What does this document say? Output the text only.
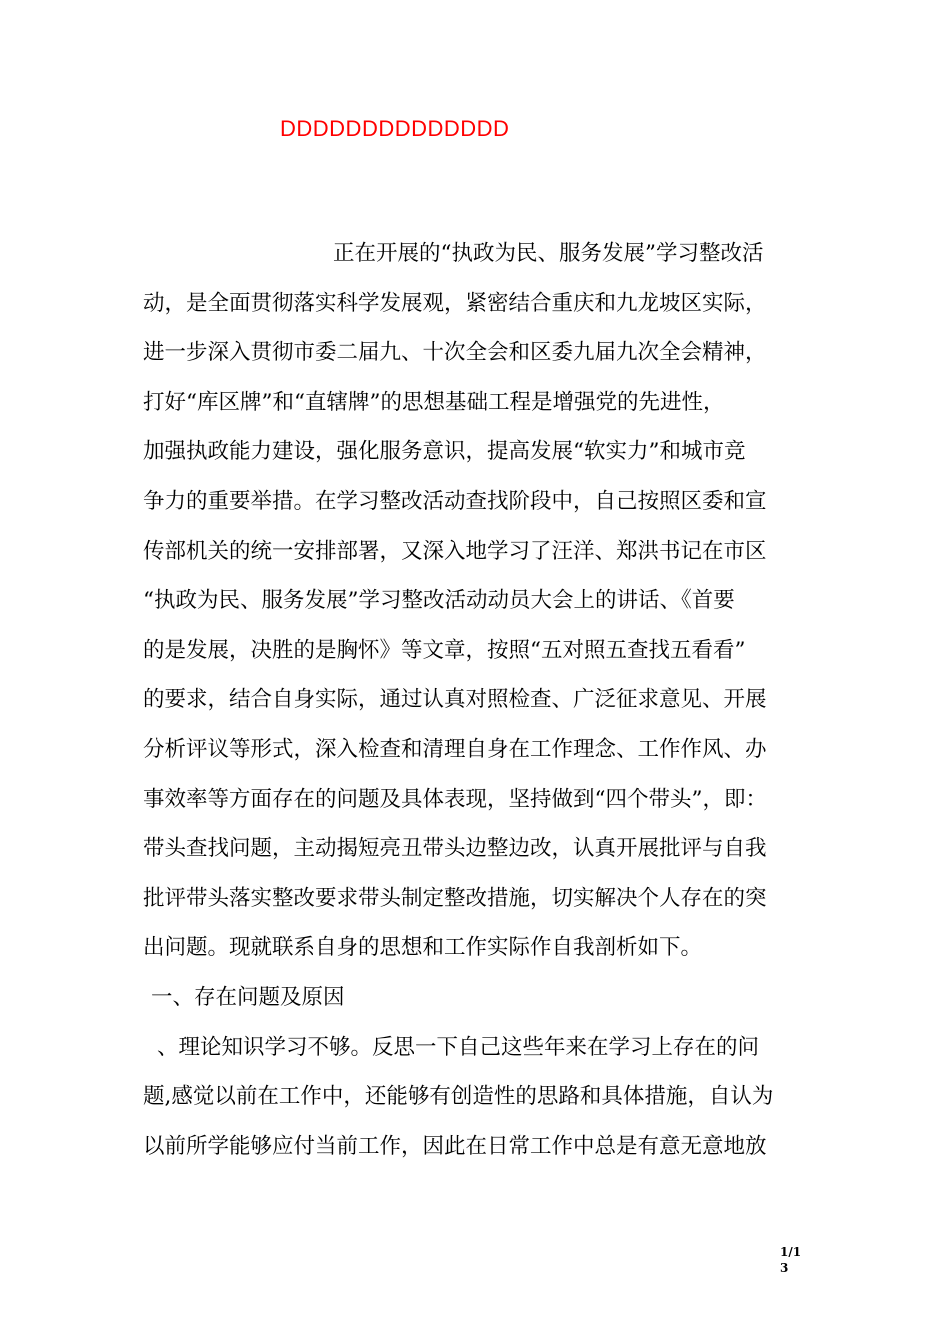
DDDDDDDDDDDDDD
正在开展的“执政为民、服务发展”学习整改活
动，是全面贯彻落实科学发展观，紧密结合重庆和九龙坡区实际，
进一步深入贯彻市委二届九、十次全会和区委九届九次全会精神，
打好“库区牌”和“直辖牌”的思想基础工程是增强党的先进性，
加强执政能力建设，强化服务意识，提高发展“软实力”和城市竞
争力的重要举措。在学习整改活动查找阶段中，自己按照区委和宣
传部机关的统一安排部署，又深入地学习了汪洋、郑洪书记在市区
“执政为民、服务发展”学习整改活动动员大会上的讲话、《首要
的是发展，决胜的是胸怀》等文章，按照“五对照五查找五看看”
的要求，结合自身实际，通过认真对照检查、广泛征求意见、开展
分析评议等形式，深入检查和清理自身在工作理念、工作作风、办
事效率等方面存在的问题及具体表现，坚持做到“四个带头”，即：
带头查找问题，主动揭短亮丑带头边整边改，认真开展批评与自我
批评带头落实整改要求带头制定整改措施，切实解决个人存在的突
出问题。现就联系自身的思想和工作实际作自我剖析如下。
一、存在问题及原因
、理论知识学习不够。反思一下自己这些年来在学习上存在的问
题,感觉以前在工作中，还能够有创造性的思路和具体措施，自认为
以前所学能够应付当前工作，因此在日常工作中总是有意无意地放
1/1
3
